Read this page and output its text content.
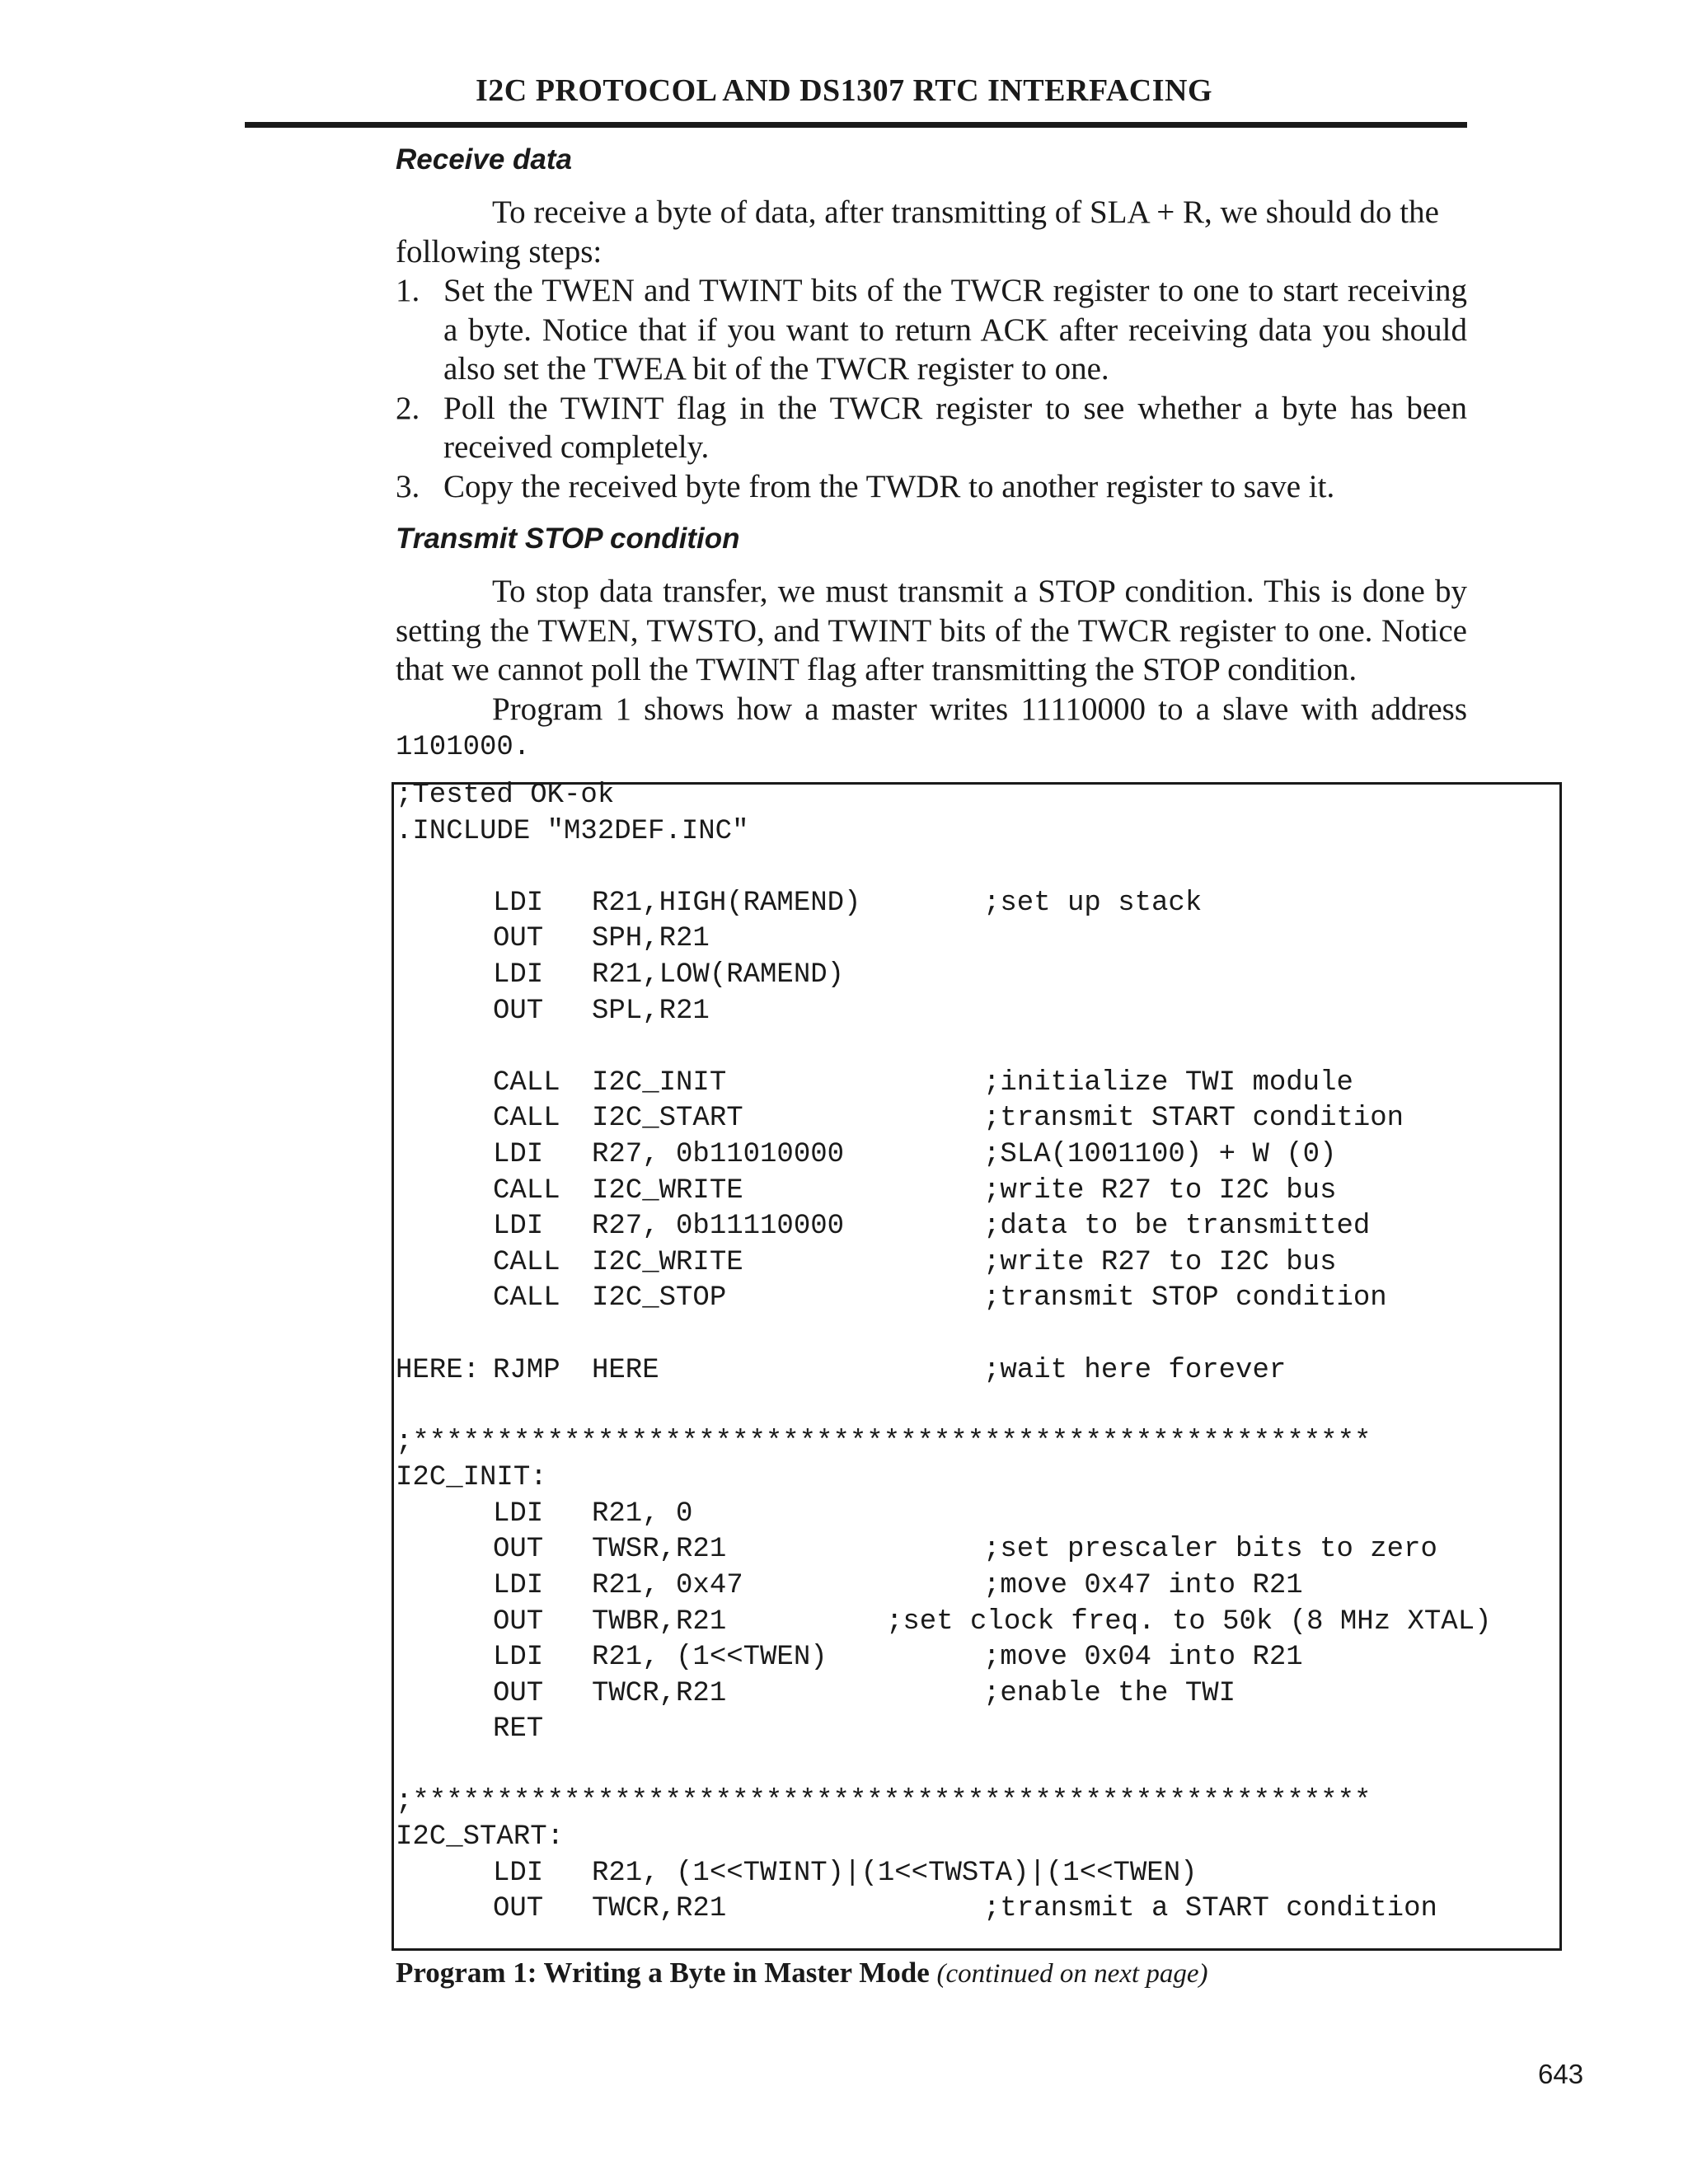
I2C PROTOCOL AND DS1307 RTC INTERFACING
Receive data
To receive a byte of data, after transmitting of SLA + R, we should do the
following steps:
1. Set the TWEN and TWINT bits of the TWCR register to one to start receiving
a byte. Notice that if you want to return ACK after receiving data you should
also set the TWEA bit of the TWCR register to one.
2. Poll the TWINT flag in the TWCR register to see whether a byte has been
received completely.
3. Copy the received byte from the TWDR to another register to save it.
Transmit STOP condition
To stop data transfer, we must transmit a STOP condition. This is done by
setting the TWEN, TWSTO, and TWINT bits of the TWCR register to one. Notice
that we cannot poll the TWINT flag after transmitting the STOP condition.
Program 1 shows how a master writes 11110000 to a slave with address
1101000.
;Tested OK-ok
.INCLUDE "M32DEF.INC"
LDI R21,HIGH(RAMEND)	;set up stack
OUT SPH,R21
LDI R21,LOW(RAMEND)
OUT SPL,R21
CALL I2C_INIT	;initialize TWI module
CALL I2C_START	;transmit START condition
LDI R27, 0b11010000	;SLA(1001100) + W (0)
CALL I2C_WRITE	;write R27 to I2C bus
LDI R27, 0b11110000	;data to be transmitted
CALL I2C_WRITE	;write R27 to I2C bus
CALL I2C_STOP	;transmit STOP condition
HERE: RJMP HERE	;wait here forever
;*********************************************************
I2C_INIT:
LDI R21, 0
OUT TWSR,R21	;set prescaler bits to zero
LDI R21, 0x47	;move 0x47 into R21
OUT TWBR,R21	;set clock freq. to 50k (8 MHz XTAL)
LDI R21, (1<<TWEN)	;move 0x04 into R21
OUT TWCR,R21	;enable the TWI
RET
;*********************************************************
I2C_START:
LDI R21, (1<<TWINT)|(1<<TWSTA)|(1<<TWEN)
OUT TWCR,R21	;transmit a START condition
Program 1: Writing a Byte in Master Mode (continued on next page)
643
